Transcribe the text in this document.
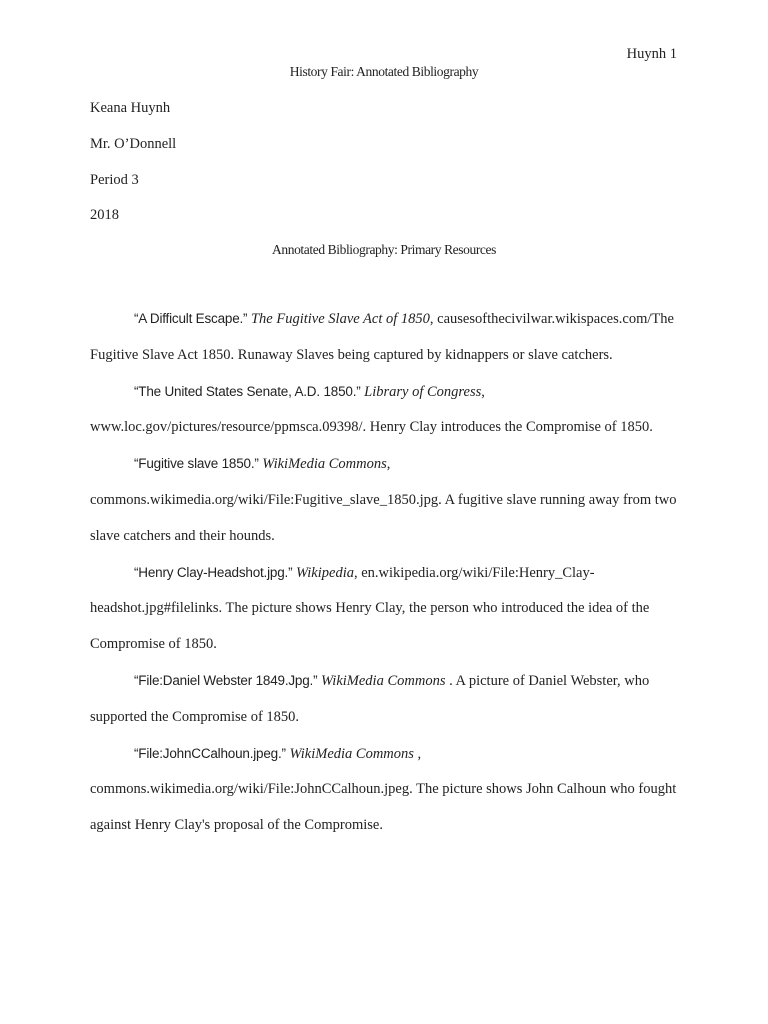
Huynh 1
History Fair: Annotated Bibliography
Keana Huynh
Mr. O’Donnell
Period 3
2018
Annotated Bibliography: Primary Resources

“A Difficult Escape.” The Fugitive Slave Act of 1850, causesofthecivilwar.wikispaces.com/The Fugitive Slave Act 1850. Runaway Slaves being captured by kidnappers or slave catchers.

“The United States Senate, A.D. 1850.” Library of Congress, www.loc.gov/pictures/resource/ppmsca.09398/. Henry Clay introduces the Compromise of 1850.

“Fugitive slave 1850.” WikiMedia Commons, commons.wikimedia.org/wiki/File:Fugitive_slave_1850.jpg. A fugitive slave running away from two slave catchers and their hounds.

“Henry Clay-Headshot.jpg.” Wikipedia, en.wikipedia.org/wiki/File:Henry_Clay-headshot.jpg#filelinks. The picture shows Henry Clay, the person who introduced the idea of the Compromise of 1850.

“File:Daniel Webster 1849.Jpg.” WikiMedia Commons . A picture of Daniel Webster, who supported the Compromise of 1850.

“File:JohnCCalhoun.jpeg.” WikiMedia Commons , commons.wikimedia.org/wiki/File:JohnCCalhoun.jpeg. The picture shows John Calhoun who fought against Henry Clay's proposal of the Compromise.
